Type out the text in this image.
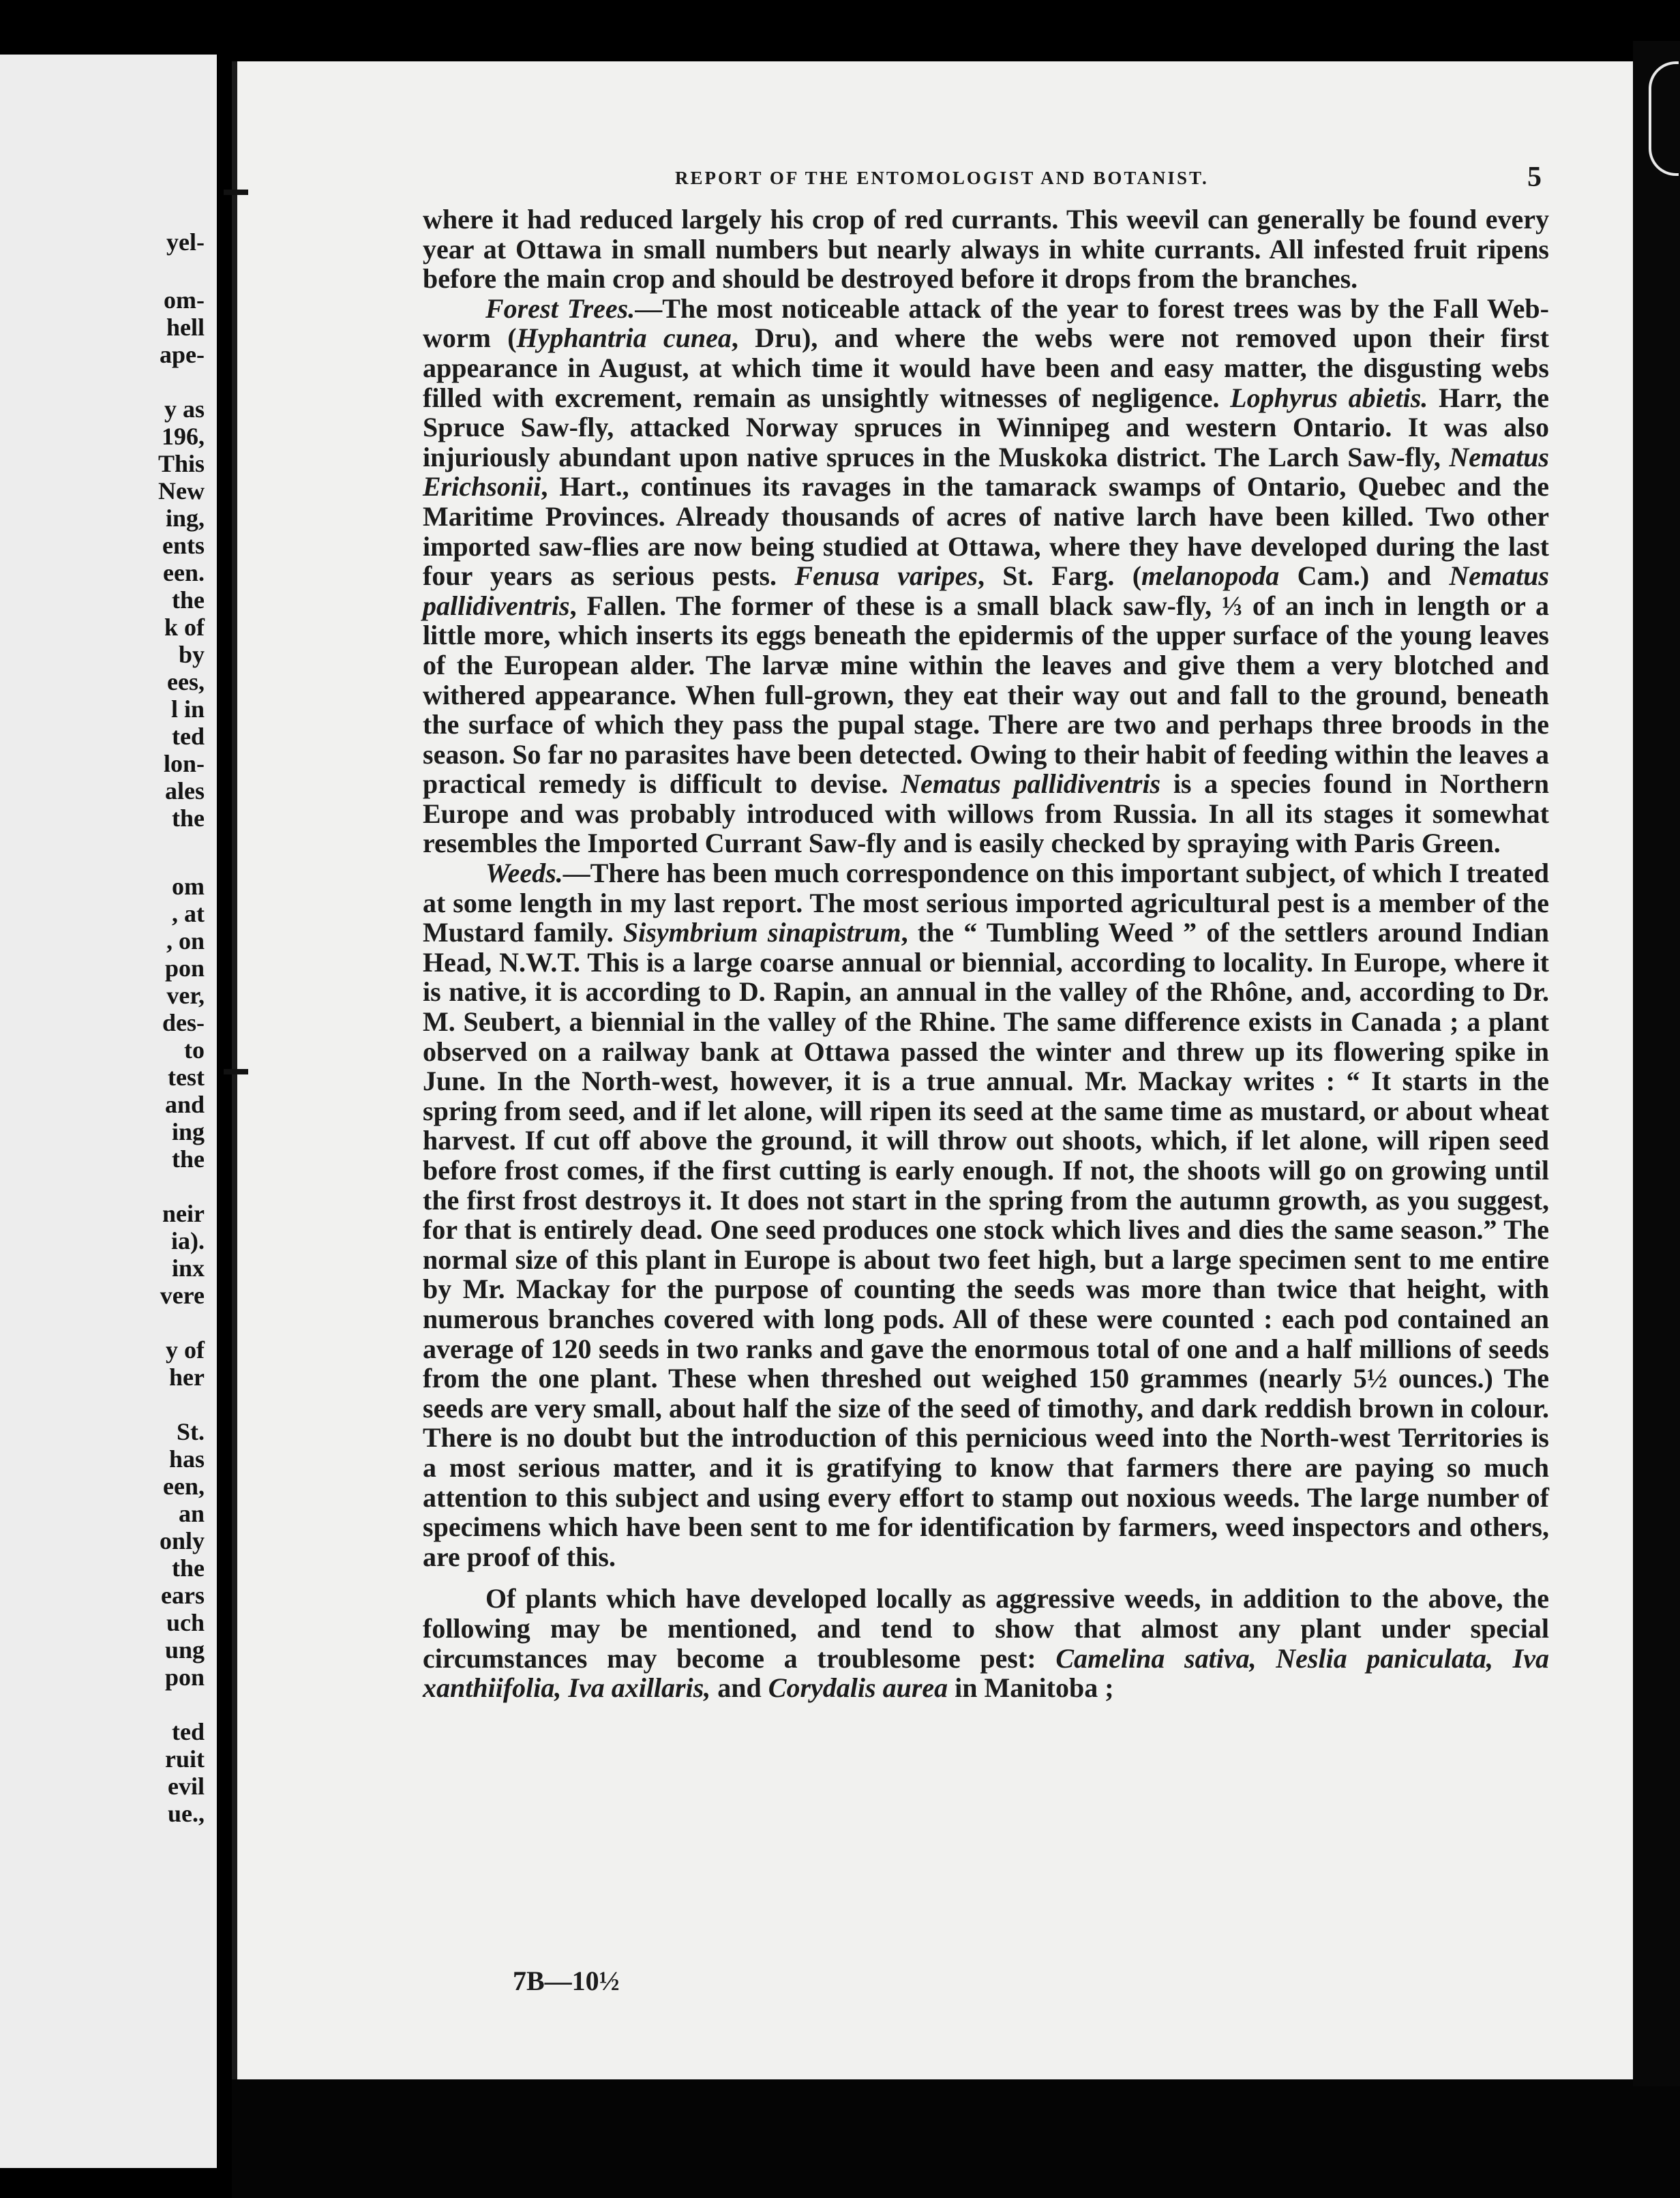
yel-
om-
hell
ape-
y as
196,
This
New
ing,
ents
een.
the
k of
by
ees,
l in
ted
lon-
ales
the
om
, at
, on
pon
ver,
des-
to
test
and
ing
the
neir
ia).
inx
vere
y of
her
St.
has
een,
an
only
the
ears
uch
ung
pon
ted
ruit
evil
ue.,
REPORT OF THE ENTOMOLOGIST AND BOTANIST.	5

where it had reduced largely his crop of red currants. This weevil can generally be found every year at Ottawa in small numbers but nearly always in white currants. All infested fruit ripens before the main crop and should be destroyed before it drops from the branches.

Forest Trees.—The most noticeable attack of the year to forest trees was by the Fall Web-worm (Hyphantria cunea, Dru), and where the webs were not removed upon their first appearance in August, at which time it would have been and easy matter, the disgusting webs filled with excrement, remain as unsightly witnesses of negligence. Lophyrus abietis. Harr, the Spruce Saw-fly, attacked Norway spruces in Winnipeg and western Ontario. It was also injuriously abundant upon native spruces in the Muskoka district. The Larch Saw-fly, Nematus Erichsonii, Hart., continues its ravages in the tamarack swamps of Ontario, Quebec and the Maritime Provinces. Already thousands of acres of native larch have been killed. Two other imported saw-flies are now being studied at Ottawa, where they have developed during the last four years as serious pests. Fenusa varipes, St. Farg. (melanopoda Cam.) and Nematus pallidiventris, Fallen. The former of these is a small black saw-fly, ⅓ of an inch in length or a little more, which inserts its eggs beneath the epidermis of the upper surface of the young leaves of the European alder. The larvæ mine within the leaves and give them a very blotched and withered appearance. When full-grown, they eat their way out and fall to the ground, beneath the surface of which they pass the pupal stage. There are two and perhaps three broods in the season. So far no parasites have been detected. Owing to their habit of feeding within the leaves a practical remedy is difficult to devise. Nematus pallidiventris is a species found in Northern Europe and was probably introduced with willows from Russia. In all its stages it somewhat resembles the Imported Currant Saw-fly and is easily checked by spraying with Paris Green.

Weeds.—There has been much correspondence on this important subject, of which I treated at some length in my last report. The most serious imported agricultural pest is a member of the Mustard family. Sisymbrium sinapistrum, the “ Tumbling Weed ” of the settlers around Indian Head, N.W.T. This is a large coarse annual or biennial, according to locality. In Europe, where it is native, it is according to D. Rapin, an annual in the valley of the Rhône, and, according to Dr. M. Seubert, a biennial in the valley of the Rhine. The same difference exists in Canada ; a plant observed on a railway bank at Ottawa passed the winter and threw up its flowering spike in June. In the North-west, however, it is a true annual. Mr. Mackay writes : “ It starts in the spring from seed, and if let alone, will ripen its seed at the same time as mustard, or about wheat harvest. If cut off above the ground, it will throw out shoots, which, if let alone, will ripen seed before frost comes, if the first cutting is early enough. If not, the shoots will go on growing until the first frost destroys it. It does not start in the spring from the autumn growth, as you suggest, for that is entirely dead. One seed produces one stock which lives and dies the same season.” The normal size of this plant in Europe is about two feet high, but a large specimen sent to me entire by Mr. Mackay for the purpose of counting the seeds was more than twice that height, with numerous branches covered with long pods. All of these were counted : each pod contained an average of 120 seeds in two ranks and gave the enormous total of one and a half millions of seeds from the one plant. These when threshed out weighed 150 grammes (nearly 5½ ounces.) The seeds are very small, about half the size of the seed of timothy, and dark reddish brown in colour. There is no doubt but the introduction of this pernicious weed into the North-west Territories is a most serious matter, and it is gratifying to know that farmers there are paying so much attention to this subject and using every effort to stamp out noxious weeds. The large number of specimens which have been sent to me for identification by farmers, weed inspectors and others, are proof of this.

Of plants which have developed locally as aggressive weeds, in addition to the above, the following may be mentioned, and tend to show that almost any plant under special circumstances may become a troublesome pest: Camelina sativa, Neslia paniculata, Iva xanthiifolia, Iva axillaris, and Corydalis aurea in Manitoba ;

7B—10½
